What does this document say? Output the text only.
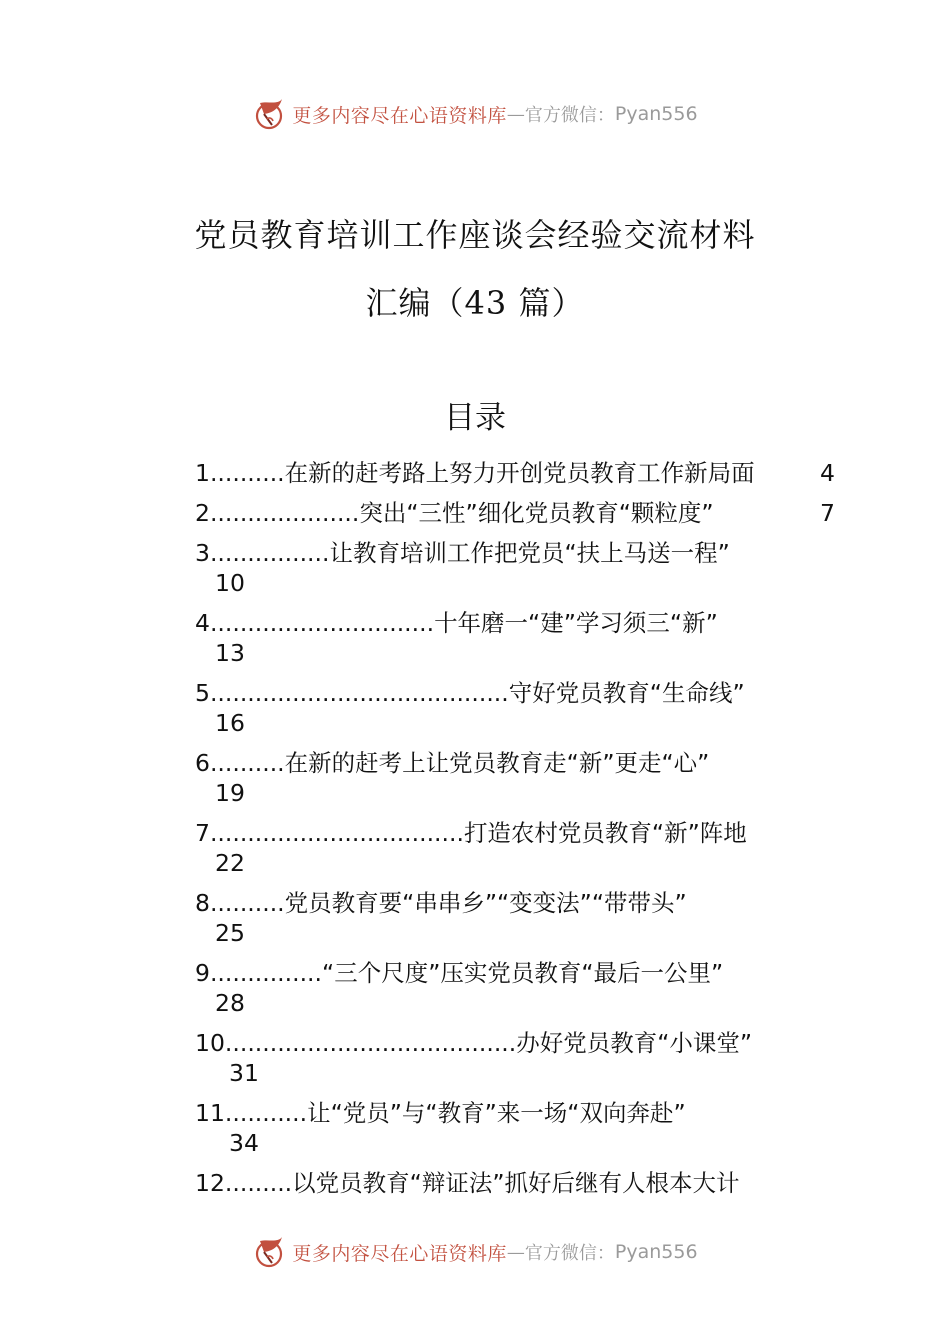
更多内容尽在心语资料库 — 官方微信： Pyan556
党员教育培训工作座谈会经验交流材料
汇编（43 篇）
目录
1..........在新的赶考路上努力开创党员教育工作新局面	4
2....................突出“三性”细化党员教育“颗粒度”	7
3................让教育培训工作把党员“扶上马送一程”
10
4..............................十年磨一“建”学习须三“新”
13
5........................................守好党员教育“生命线”
16
6..........在新的赶考上让党员教育走“新”更走“心”
19
7..................................打造农村党员教育“新”阵地
22
8..........党员教育要“串串乡”“变变法”“带带头”
25
9...............“三个尺度”压实党员教育“最后一公里”
28
10.......................................办好党员教育“小课堂”
31
11...........让“党员”与“教育”来一场“双向奔赴”
34
12.........以党员教育“辩证法”抓好后继有人根本大计
更多内容尽在心语资料库 — 官方微信： Pyan556
